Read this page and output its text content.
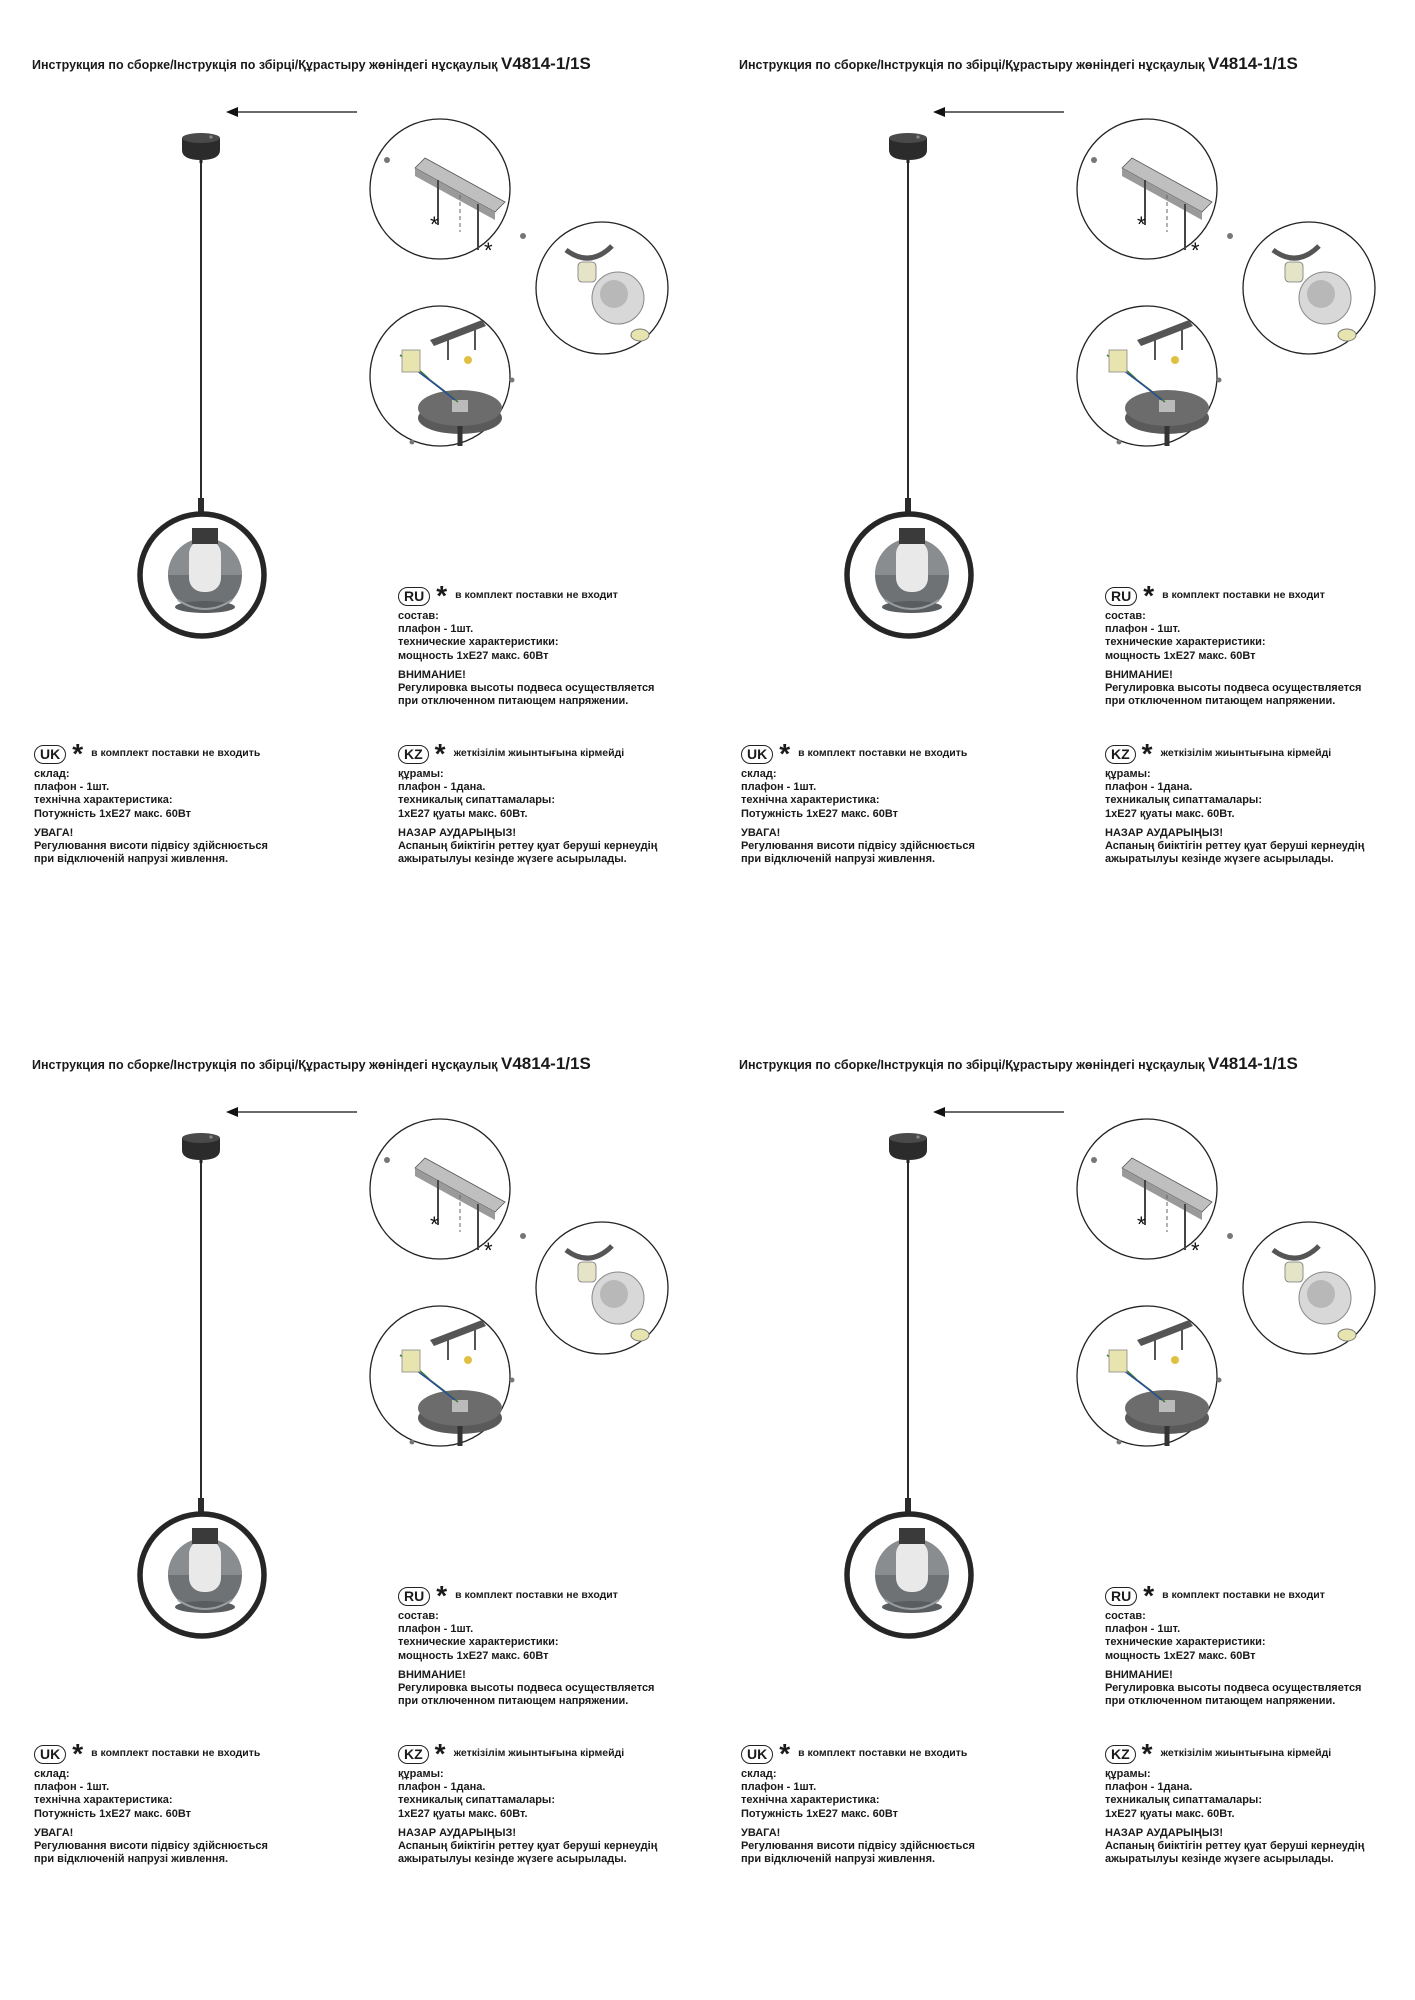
Инструкция по сборке/Інструкція по збірці/Құрастыру жөніндегі нұсқаулық V4814-1/1S
*
*
RU * в комплект поставки не входит
состав:
плафон - 1шт.
технические характеристики:
мощность 1хЕ27 макс. 60Вт
ВНИМАНИЕ!
Регулировка высоты подвеса осуществляется
при отключенном питающем напряжении.
UK * в комплект поставки не входить
склад:
плафон - 1шт.
технічна характеристика:
Потужність 1хЕ27 макс. 60Вт
УВАГА!
Регулювання висоти підвісу здійснюється
при відключеній напрузі живлення.
KZ * жеткізілім жиынтығына кірмейді
құрамы:
плафон - 1дана.
техникалық сипаттамалары:
1хЕ27 қуаты макс. 60Вт.
НАЗАР АУДАРЫҢЫЗ!
Аспаның биіктігін реттеу қуат беруші кернеудің
ажыратылуы кезінде жүзеге асырылады.
Инструкция по сборке/Інструкція по збірці/Құрастыру жөніндегі нұсқаулық V4814-1/1S
*
*
RU * в комплект поставки не входит
состав:
плафон - 1шт.
технические характеристики:
мощность 1хЕ27 макс. 60Вт
ВНИМАНИЕ!
Регулировка высоты подвеса осуществляется
при отключенном питающем напряжении.
UK * в комплект поставки не входить
склад:
плафон - 1шт.
технічна характеристика:
Потужність 1хЕ27 макс. 60Вт
УВАГА!
Регулювання висоти підвісу здійснюється
при відключеній напрузі живлення.
KZ * жеткізілім жиынтығына кірмейді
құрамы:
плафон - 1дана.
техникалық сипаттамалары:
1хЕ27 қуаты макс. 60Вт.
НАЗАР АУДАРЫҢЫЗ!
Аспаның биіктігін реттеу қуат беруші кернеудің
ажыратылуы кезінде жүзеге асырылады.
Инструкция по сборке/Інструкція по збірці/Құрастыру жөніндегі нұсқаулық V4814-1/1S
*
*
RU * в комплект поставки не входит
состав:
плафон - 1шт.
технические характеристики:
мощность 1хЕ27 макс. 60Вт
ВНИМАНИЕ!
Регулировка высоты подвеса осуществляется
при отключенном питающем напряжении.
UK * в комплект поставки не входить
склад:
плафон - 1шт.
технічна характеристика:
Потужність 1хЕ27 макс. 60Вт
УВАГА!
Регулювання висоти підвісу здійснюється
при відключеній напрузі живлення.
KZ * жеткізілім жиынтығына кірмейді
құрамы:
плафон - 1дана.
техникалық сипаттамалары:
1хЕ27 қуаты макс. 60Вт.
НАЗАР АУДАРЫҢЫЗ!
Аспаның биіктігін реттеу қуат беруші кернеудің
ажыратылуы кезінде жүзеге асырылады.
Инструкция по сборке/Інструкція по збірці/Құрастыру жөніндегі нұсқаулық V4814-1/1S
*
*
RU * в комплект поставки не входит
состав:
плафон - 1шт.
технические характеристики:
мощность 1хЕ27 макс. 60Вт
ВНИМАНИЕ!
Регулировка высоты подвеса осуществляется
при отключенном питающем напряжении.
UK * в комплект поставки не входить
склад:
плафон - 1шт.
технічна характеристика:
Потужність 1хЕ27 макс. 60Вт
УВАГА!
Регулювання висоти підвісу здійснюється
при відключеній напрузі живлення.
KZ * жеткізілім жиынтығына кірмейді
құрамы:
плафон - 1дана.
техникалық сипаттамалары:
1хЕ27 қуаты макс. 60Вт.
НАЗАР АУДАРЫҢЫЗ!
Аспаның биіктігін реттеу қуат беруші кернеудің
ажыратылуы кезінде жүзеге асырылады.
